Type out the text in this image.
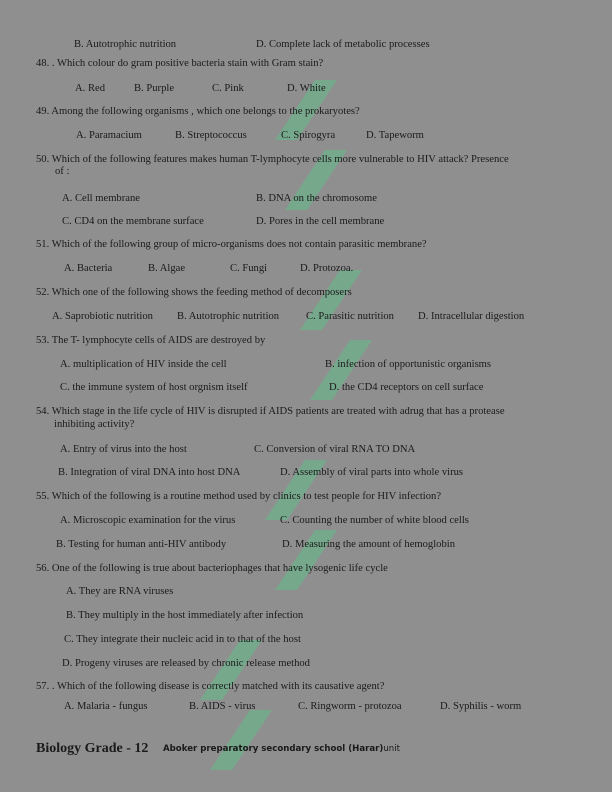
​
B. Autotrophic nutrition	D. Complete lack of metabolic processes
48. . Which colour do gram positive bacteria stain with Gram stain?
A. Red	B. Purple	C. Pink	D. White
49. Among the following organisms , which one belongs to the prokaryotes?
A. Paramacium	B. Streptococcus	C. Spirogyra	D. Tapeworm
50. Which of the following features makes human T-lymphocyte cells more vulnerable to HIV attack? Presence
of :
A. Cell membrane	B. DNA on the chromosome
C. CD4 on the membrane surface	D. Pores in the cell membrane
51. Which of the following group of micro-organisms does not contain parasitic membrane?
A. Bacteria	B. Algae	C. Fungi	D. Protozoa.
52. Which one of the following shows the feeding method of decomposers
A. Saprobiotic nutrition B. Autotrophic nutrition	C. Parasitic nutrition D. Intracellular digestion
53. The T- lymphocyte cells of AIDS are destroyed by
A. multiplication of HIV inside the cell	B. infection of opportunistic organisms
C. the immune system of host orgnism itself	D. the CD4 receptors on cell surface
54. Which stage in the life cycle of HIV is disrupted if AIDS patients are treated with adrug that has a protease
inhibiting activity?
A. Entry of virus into the host	C. Conversion of viral RNA TO DNA
B. Integration of viral DNA into host DNA	D. Assembly of viral parts into whole virus
55. Which of the following is a routine method used by clinics to test people for HIV infection?
A. Microscopic examination for the virus	C. Counting the number of white blood cells
B. Testing for human anti-HIV antibody	D. Measuring the amount of hemoglobin
56. One of the following is true about bacteriophages that have lysogenic life cycle
A. They are RNA viruses
B. They multiply in the host immediately after infection
C. They integrate their nucleic acid in to that of the host
D. Progeny viruses are released by chronic release method
57. . Which of the following disease is correctly matched with its causative agent?
A. Malaria - fungus	B. AIDS - virus	C. Ringworm - protozoa	D. Syphilis - worm
Biology Grade - 12 Aboker preparatory secondary school (Harar)unit
